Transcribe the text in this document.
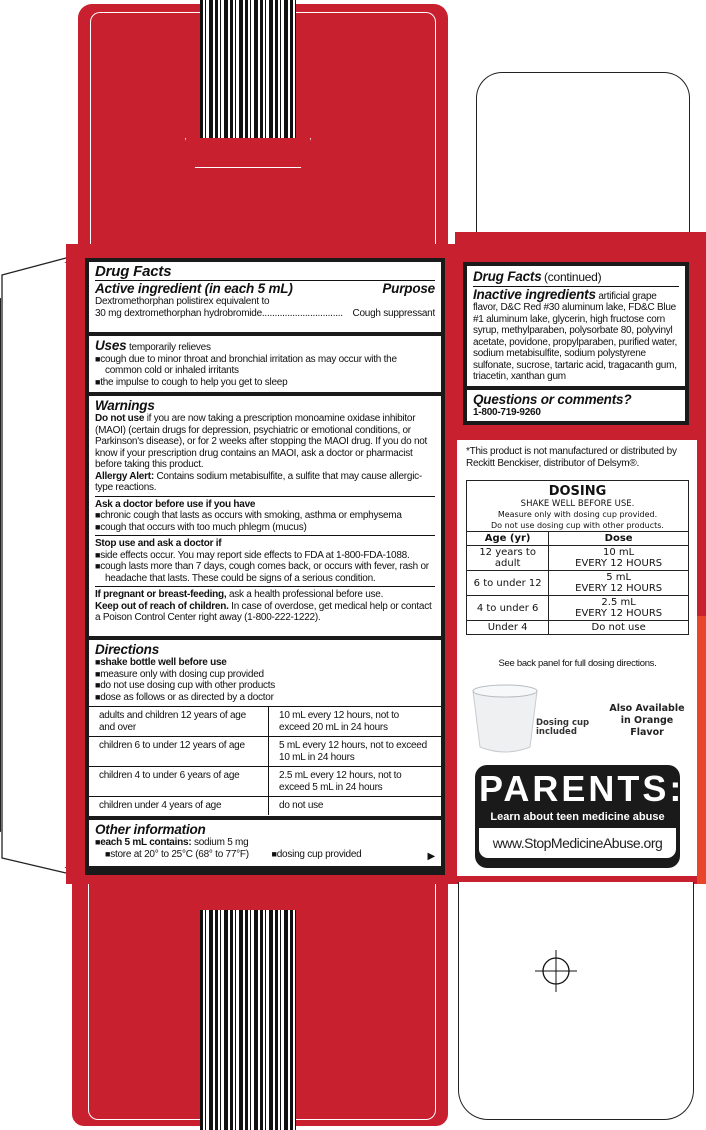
Drug Facts
Active ingredient (in each 5 mL)	Purpose
Dextromethorphan polistirex equivalent to
30 mg dextromethorphan hydrobromide................................ Cough suppressant
Uses temporarily relieves
■ cough due to minor throat and bronchial irritation as may occur with the common cold or inhaled irritants
■ the impulse to cough to help you get to sleep
Warnings
Do not use if you are now taking a prescription monoamine oxidase inhibitor (MAOI) (certain drugs for depression, psychiatric or emotional conditions, or Parkinson's disease), or for 2 weeks after stopping the MAOI drug. If you do not know if your prescription drug contains an MAOI, ask a doctor or pharmacist before taking this product.
Allergy Alert: Contains sodium metabisulfite, a sulfite that may cause allergic-type reactions.
Ask a doctor before use if you have
■ chronic cough that lasts as occurs with smoking, asthma or emphysema
■ cough that occurs with too much phlegm (mucus)
Stop use and ask a doctor if
■ side effects occur. You may report side effects to FDA at 1-800-FDA-1088.
■ cough lasts more than 7 days, cough comes back, or occurs with fever, rash or headache that lasts. These could be signs of a serious condition.
If pregnant or breast-feeding, ask a health professional before use.
Keep out of reach of children. In case of overdose, get medical help or contact a Poison Control Center right away (1-800-222-1222).
Directions
■ shake bottle well before use
■ measure only with dosing cup provided
■ do not use dosing cup with other products
■ dose as follows or as directed by a doctor
adults and children 12 years of age and over	10 mL every 12 hours, not to exceed 20 mL in 24 hours
children 6 to under 12 years of age	5 mL every 12 hours, not to exceed 10 mL in 24 hours
children 4 to under 6 years of age	2.5 mL every 12 hours, not to exceed 5 mL in 24 hours
children under 4 years of age	do not use
Other information
■ each 5 mL contains: sodium 5 mg
■ store at 20° to 25°C (68° to 77°F)	■ dosing cup provided	▶
Drug Facts (continued)
Inactive ingredients artificial grape flavor, D&C Red #30 aluminum lake, FD&C Blue #1 aluminum lake, glycerin, high fructose corn syrup, methylparaben, polysorbate 80, polyvinyl acetate, povidone, propylparaben, purified water, sodium metabisulfite, sodium polystyrene sulfonate, sucrose, tartaric acid, tragacanth gum, triacetin, xanthan gum
Questions or comments?
1-800-719-9260
*This product is not manufactured or distributed by Reckitt Benckiser, distributor of Delsym®.
DOSING
SHAKE WELL BEFORE USE.
Measure only with dosing cup provided.
Do not use dosing cup with other products.
Age (yr)	Dose
12 years to adult	10 mL
EVERY 12 HOURS

6 to under 12	5 mL
EVERY 12 HOURS

4 to under 6	2.5 mL
EVERY 12 HOURS

Under 4	Do not use
See back panel for full dosing directions.
Dosing cup included
Also Available in Orange Flavor
PARENTS:
Learn about teen medicine abuse
www.StopMedicineAbuse.org
